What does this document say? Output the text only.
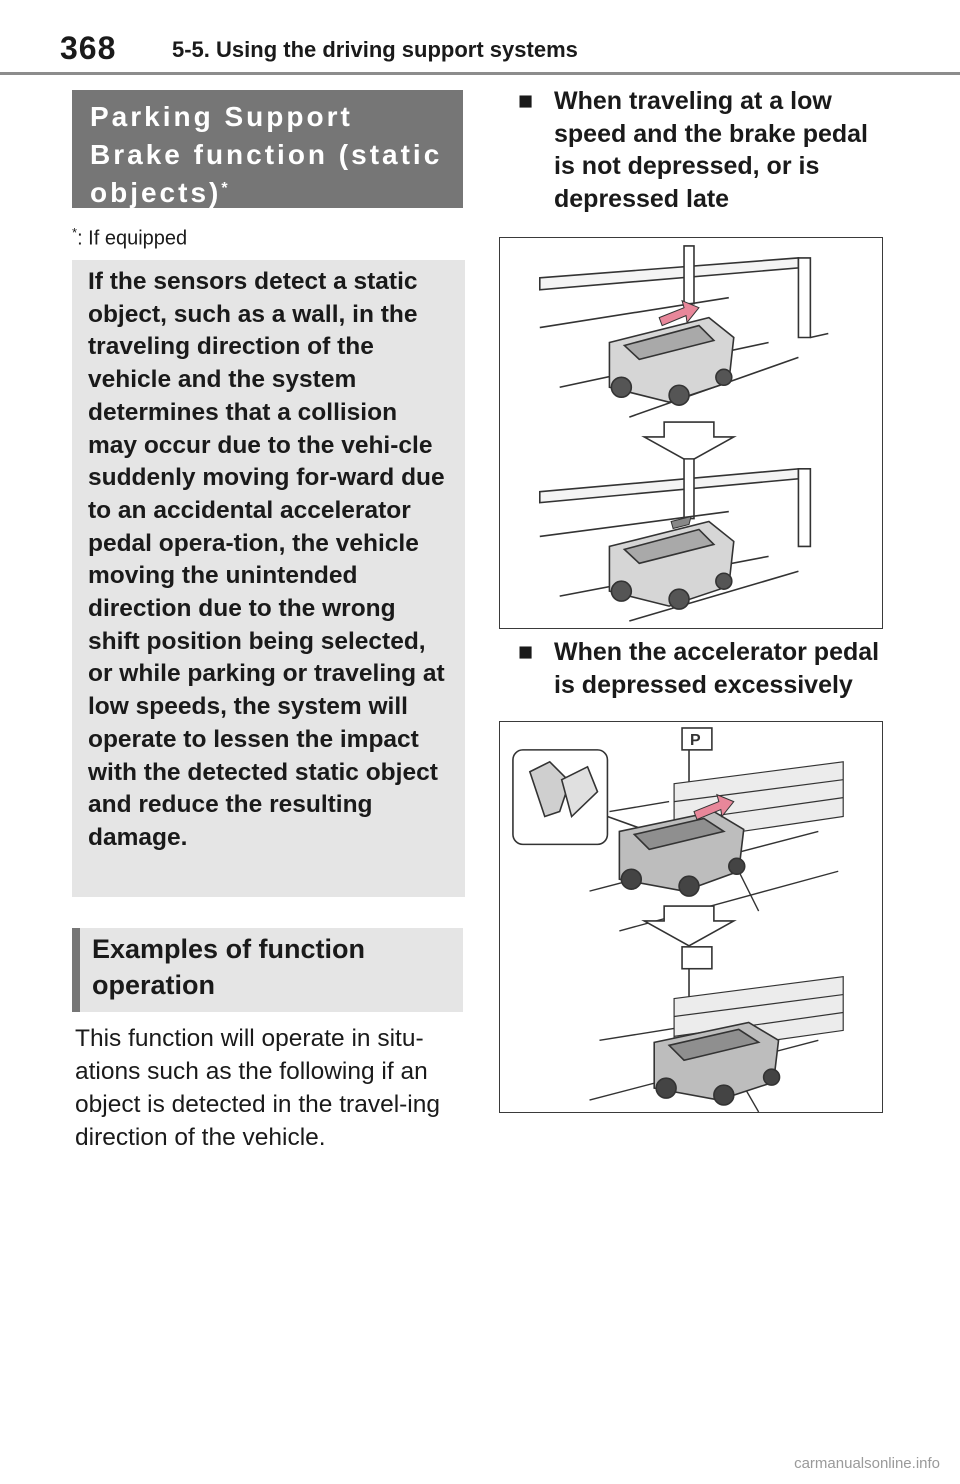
368	5-5. Using the driving support systems
Parking Support Brake function (static objects)*
*: If equipped
If the sensors detect a static object, such as a wall, in the traveling direction of the vehicle and the system determines that a collision may occur due to the vehi-cle suddenly moving for-ward due to an accidental accelerator pedal opera-tion, the vehicle moving the unintended direction due to the wrong shift position being selected, or while parking or traveling at low speeds, the system will operate to lessen the impact with the detected static object and reduce the resulting damage.
Examples of function operation
This function will operate in situ-ations such as the following if an object is detected in the travel-ing direction of the vehicle.
■ When traveling at a low speed and the brake pedal is not depressed, or is depressed late
■ When the accelerator pedal is depressed excessively
P
carmanualsonline.info
